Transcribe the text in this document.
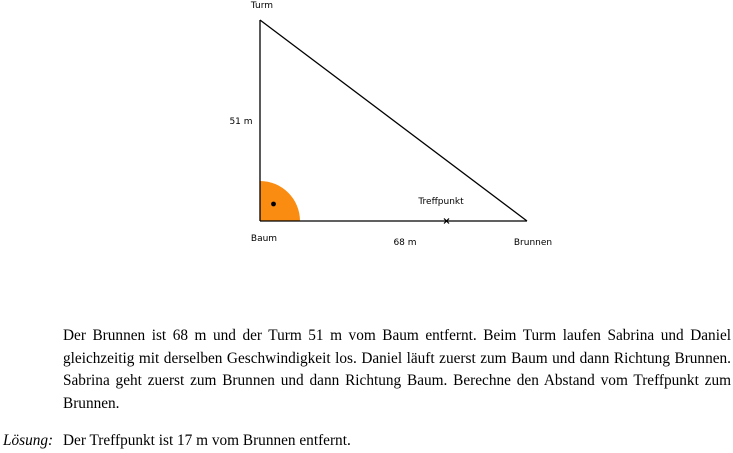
Turm
Baum	Brunnen
Treffpunkt
51 m
68 m

Der Brunnen ist 68 m und der Turm 51 m vom Baum entfernt. Beim Turm laufen Sabrina und Daniel gleichzeitig mit derselben Geschwindigkeit los. Daniel läuft zuerst zum Baum und dann Richtung Brunnen. Sabrina geht zuerst zum Brunnen und dann Richtung Baum. Berechne den Abstand vom Treffpunkt zum Brunnen.

Lösung: Der Treffpunkt ist 17 m vom Brunnen entfernt.
